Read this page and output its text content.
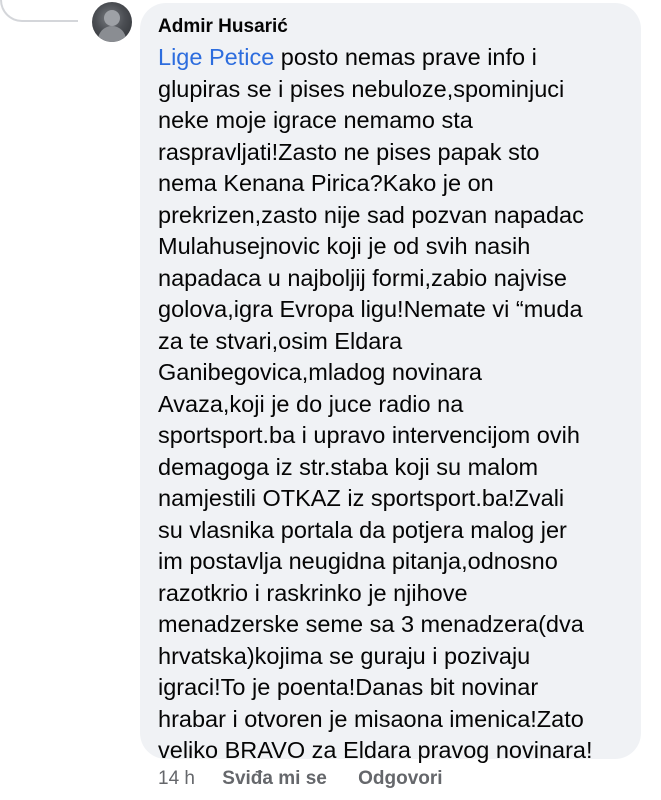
Admir Husarić
Lige Petice posto nemas prave info i
glupiras se i pises nebuloze,spominjuci
neke moje igrace nemamo sta
raspravljati!Zasto ne pises papak sto
nema Kenana Pirica?Kako je on
prekrizen,zasto nije sad pozvan napadac
Mulahusejnovic koji je od svih nasih
napadaca u najboljij formi,zabio najvise
golova,igra Evropa ligu!Nemate vi “muda
za te stvari,osim Eldara
Ganibegovica,mladog novinara
Avaza,koji je do juce radio na
sportsport.ba i upravo intervencijom ovih
demagoga iz str.staba koji su malom
namjestili OTKAZ iz sportsport.ba!Zvali
su vlasnika portala da potjera malog jer
im postavlja neugidna pitanja,odnosno
razotkrio i raskrinko je njihove
menadzerske seme sa 3 menadzera(dva
hrvatska)kojima se guraju i pozivaju
igraci!To je poenta!Danas bit novinar
hrabar i otvoren je misaona imenica!Zato
veliko BRAVO za Eldara pravog novinara!
14 h Sviđa mi se Odgovori
